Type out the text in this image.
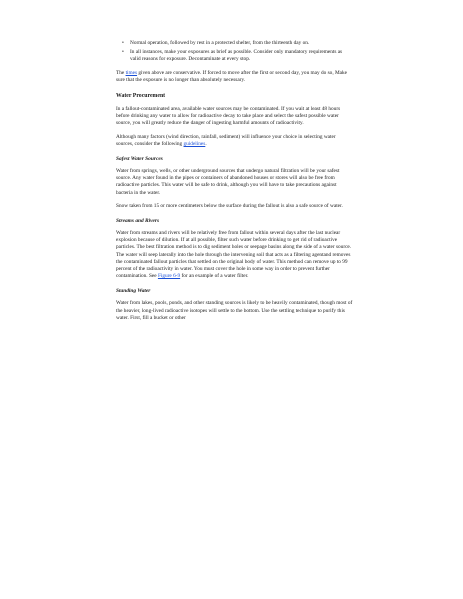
• Normal operation, followed by rest in a protected shelter, from the thirteenth day on.
• In all instances, make your exposures as brief as possible. Consider only mandatory requirements as valid reasons for exposure. Decontaminate at every stop.

The times given above are conservative. If forced to move after the first or second day, you may do so, Make sure that the exposure is no longer than absolutely necessary.

Water Procurement

In a fallout-contaminated area, available water sources may be contaminated. If you wait at least 48 hours before drinking any water to allow for radioactive decay to take place and select the safest possible water source, you will greatly reduce the danger of ingesting harmful amounts of radioactivity.

Although many factors (wind direction, rainfall, sediment) will influence your choice in selecting water sources, consider the following guidelines.

Safest Water Sources

Water from springs, wells, or other underground sources that undergo natural filtration will be your safest source. Any water found in the pipes or containers of abandoned houses or stores will also be free from radioactive particles. This water will be safe to drink, although you will have to take precautions against bacteria in the water.

Snow taken from 15 or more centimeters below the surface during the fallout is also a safe source of water.

Streams and Rivers

Water from streams and rivers will be relatively free from fallout within several days after the last nuclear explosion because of dilution. If at all possible, filter such water before drinking to get rid of radioactive particles. The best filtration method is to dig sediment holes or seepage basins along the side of a water source. The water will seep laterally into the hole through the intervening soil that acts as a filtering agentand removes the contaminated fallout particles that settled on the original body of water. This method can remove up to 99 percent of the radioactivity in water. You must cover the hole in some way in order to prevent further contamination. See Figure 6-9 for an example of a water filter.

Standing Water

Water from lakes, pools, ponds, and other standing sources is likely to be heavily contaminated, though most of the heavier, long-lived radioactive isotopes will settle to the bottom. Use the settling technique to purify this water. First, fill a bucket or other
